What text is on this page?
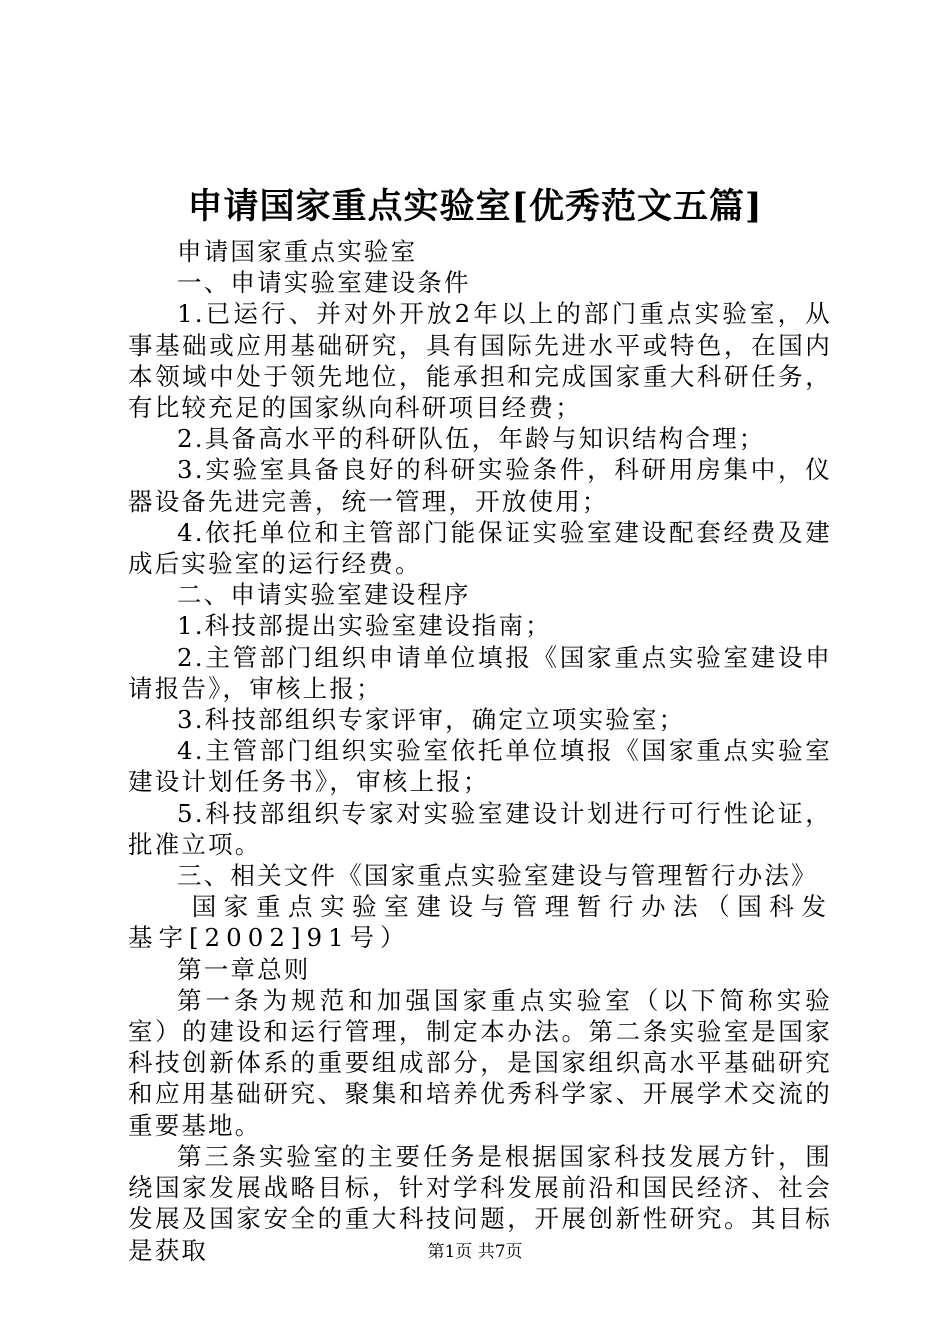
申请国家重点实验室[优秀范文五篇]

申请国家重点实验室

一、申请实验室建设条件

1.已运行、并对外开放2年以上的部门重点实验室，从事基础或应用基础研究，具有国际先进水平或特色，在国内本领域中处于领先地位，能承担和完成国家重大科研任务，有比较充足的国家纵向科研项目经费；

2.具备高水平的科研队伍，年龄与知识结构合理；

3.实验室具备良好的科研实验条件，科研用房集中，仪器设备先进完善，统一管理，开放使用；

4.依托单位和主管部门能保证实验室建设配套经费及建成后实验室的运行经费。

二、申请实验室建设程序

1.科技部提出实验室建设指南；

2.主管部门组织申请单位填报《国家重点实验室建设申请报告》，审核上报；

3.科技部组织专家评审，确定立项实验室；

4.主管部门组织实验室依托单位填报《国家重点实验室建设计划任务书》，审核上报；

5.科技部组织专家对实验室建设计划进行可行性论证，批准立项。

三、相关文件《国家重点实验室建设与管理暂行办法》

国家重点实验室建设与管理暂行办法（国科发基字[2002]91号）

第一章总则

第一条为规范和加强国家重点实验室（以下简称实验室）的建设和运行管理，制定本办法。第二条实验室是国家科技创新体系的重要组成部分，是国家组织高水平基础研究和应用基础研究、聚集和培养优秀科学家、开展学术交流的重要基地。

第三条实验室的主要任务是根据国家科技发展方针，围绕国家发展战略目标，针对学科发展前沿和国民经济、社会发展及国家安全的重大科技问题，开展创新性研究。其目标是获取	第1页 共7页
